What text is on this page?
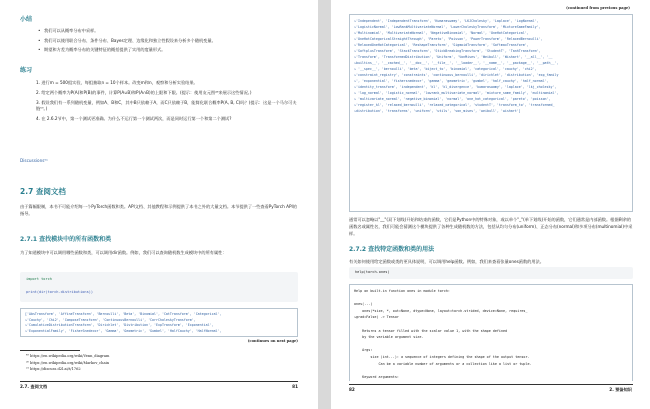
小结
• 我们可以从概率分布中采样。
• 我们可以使用联合分布、条件分布、Bayes定理、边缘化和独立性假设来分析多个随机变量。
• 期望和方差为概率分布的关键特征的概括提供了实用的度量形式。
练习
1. 进行m = 500组实验，每组抽取n = 10个样本。改变m和n，观察和分析实验结果。
2. 给定两个概率为P(A)和P(B)的事件，计算P(A∪B)和P(A∩B)的上限和下限。(提示：使用友元图⁴⁹来展示这些情况。)
3. 假设我们有一系列随机变量，例如A、B和C，其中B只依赖于A，而C只依赖于B，能简化联合概率P(A, B, C)吗？(提示：这是一个马尔可夫链⁵⁰。)
4. 在 2.6.2节中，第一个测试更准确。为什么不运行第一个测试两次，而是同时运行第一个和第二个测试?
Discussions⁵¹
2.7 查阅文档
由于篇幅限制，本书不可能介绍每一个PyTorch函数和类。API文档、其他教程和示例提供了本书之外的大量文档。本节提供了一些查看PyTorch API的指导。
2.7.1 查找模块中的所有函数和类
为了知道模块中可以调用哪些函数和类，可以调用dir函数。例如，我们可以查询随机数生成模块中的所有属性：
import torch

print(dir(torch.distributions))
['AbsTransform', 'AffineTransform', 'Bernoulli', 'Beta', 'Binomial', 'CatTransform', 'Categorical',
↪'Cauchy', 'Chi2', 'ComposeTransform', 'ContinuousBernoulli', 'CorrCholeskyTransform',
↪'CumulativeDistributionTransform', 'Dirichlet', 'Distribution', 'ExpTransform', 'Exponential',
↪'ExponentialFamily', 'FisherSnedecor', 'Gamma', 'Geometric', 'Gumbel', 'HalfCauchy', 'HalfNormal',
(continues on next page)
⁴⁹ https://en.wikipedia.org/wiki/Venn_diagram
⁵⁰ https://en.wikipedia.org/wiki/Markov_chain
⁵¹ https://discuss.d2l.ai/t/1762
2.7. 查阅文档	81
(continued from previous page)
↪'Independent', 'IndependentTransform', 'Kumaraswamy', 'LKJCholesky', 'Laplace', 'LogNormal',
↪'LogisticNormal', 'LowRankMultivariateNormal', 'LowerCholeskyTransform', 'MixtureSameFamily',
↪'Multinomial', 'MultivariateNormal', 'NegativeBinomial', 'Normal', 'OneHotCategorical',
↪'OneHotCategoricalStraightThrough', 'Pareto', 'Poisson', 'PowerTransform', 'RelaxedBernoulli',
↪'RelaxedOneHotCategorical', 'ReshapeTransform', 'SigmoidTransform', 'SoftmaxTransform',
↪'SoftplusTransform', 'StackTransform', 'StickBreakingTransform', 'StudentT', 'TanhTransform',
↪'Transform', 'TransformedDistribution', 'Uniform', 'VonMises', 'Weibull', 'Wishart', '__all__', '__
↪builtins__', '__cached__', '__doc__', '__file__', '__loader__', '__name__', '__package__', '__path__',
↪ '__spec__', 'bernoulli', 'beta', 'biject_to', 'binomial', 'categorical', 'cauchy', 'chi2',
↪'constraint_registry', 'constraints', 'continuous_bernoulli', 'dirichlet', 'distribution', 'exp_family
↪', 'exponential', 'fishersnedecor', 'gamma', 'geometric', 'gumbel', 'half_cauchy', 'half_normal',
↪'identity_transform', 'independent', 'kl', 'kl_divergence', 'kumaraswamy', 'laplace', 'lkj_cholesky',
↪ 'log_normal', 'logistic_normal', 'lowrank_multivariate_normal', 'mixture_same_family', 'multinomial',
↪ 'multivariate_normal', 'negative_binomial', 'normal', 'one_hot_categorical', 'pareto', 'poisson',
↪'register_kl', 'relaxed_bernoulli', 'relaxed_categorical', 'studentT', 'transform_to', 'transformed_
↪distribution', 'transforms', 'uniform', 'utils', 'von_mises', 'weibull', 'wishart']
通常可以忽略以"__"(双下划线)开始和结束的函数，它们是Python中的特殊对象，或以单个"_"(单下划线)开始的函数，它们通常是内部函数。根据剩余的函数名或属性名，我们可能会猜测这个模块提供了各种生成随机数的方法，包括从均匀分布(uniform)、正态分布(normal)和多项分布(multinomial)中采样。
2.7.2 查找特定函数和类的用法
有关如何使用给定函数或类的更具体说明，可以调用help函数。例如，我们来查看张量ones函数的用法。
help(torch.ones)
Help on built-in function ones in module torch:

ones(...)
ones(*size, *, out=None, dtype=None, layout=torch.strided, device=None, requires_
↪grad=False) -> Tensor

Returns a tensor filled with the scalar value 1, with the shape defined
by the variable argument size.

Args:
size (int...): a sequence of integers defining the shape of the output tensor.
Can be a variable number of arguments or a collection like a list or tuple.

Keyword arguments:
82	2. 预备知识
